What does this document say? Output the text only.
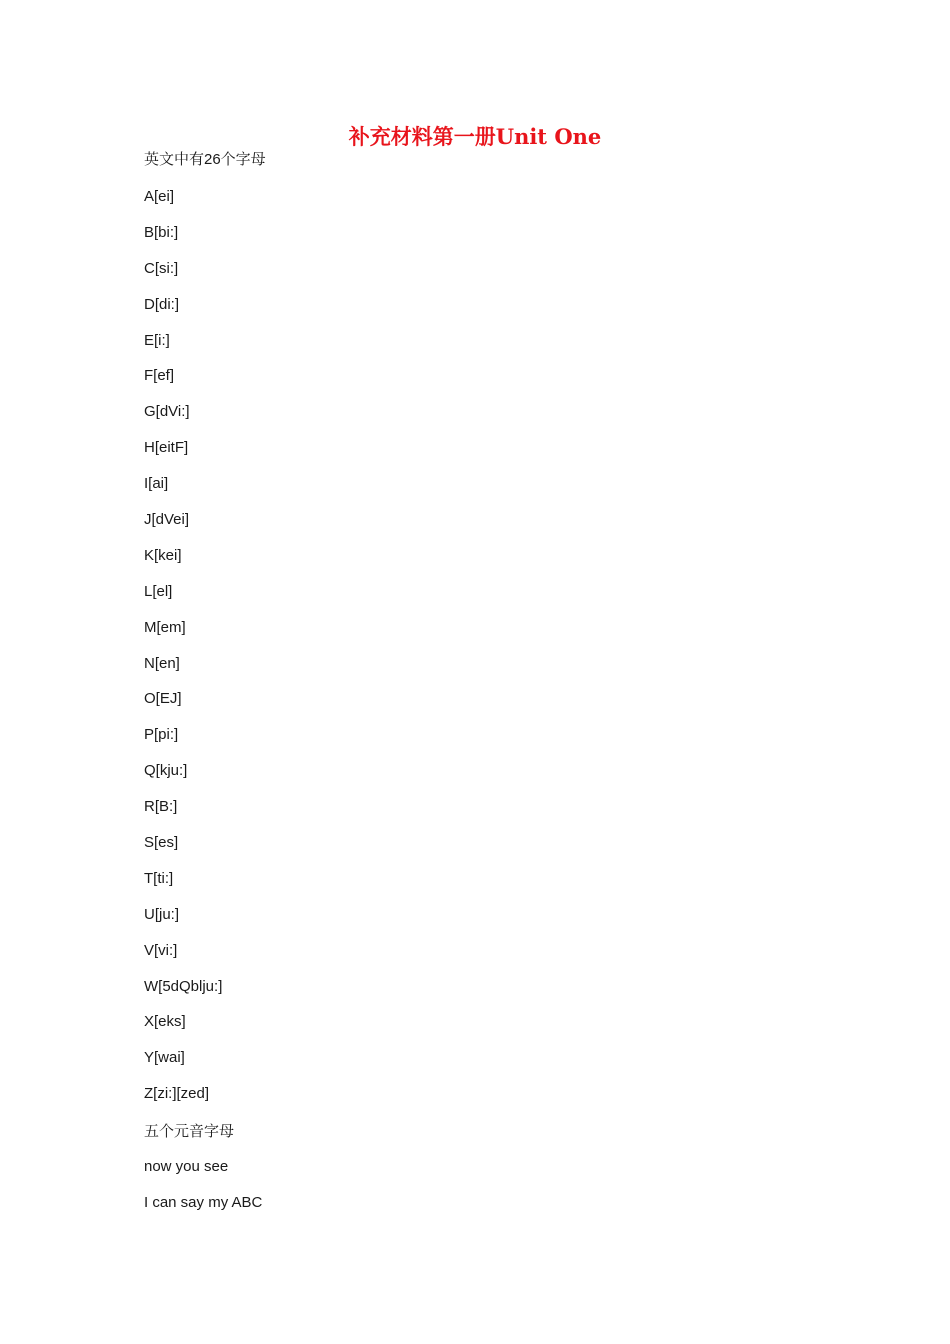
补充材料第一册Unit One

英文中有26个字母

A[ei]
B[bi:]
C[si:]
D[di:]
E[i:]
F[ef]
G[dVi:]
H[eitF]
I[ai]
J[dVei]
K[kei]
L[el]
M[em]
N[en]
O[EJ]
P[pi:]
Q[kju:]
R[B:]
S[es]
T[ti:]
U[ju:]
V[vi:]
W[5dQblju:]
X[eks]
Y[wai]
Z[zi:][zed]

五个元音字母

now you see

I can say my ABC
